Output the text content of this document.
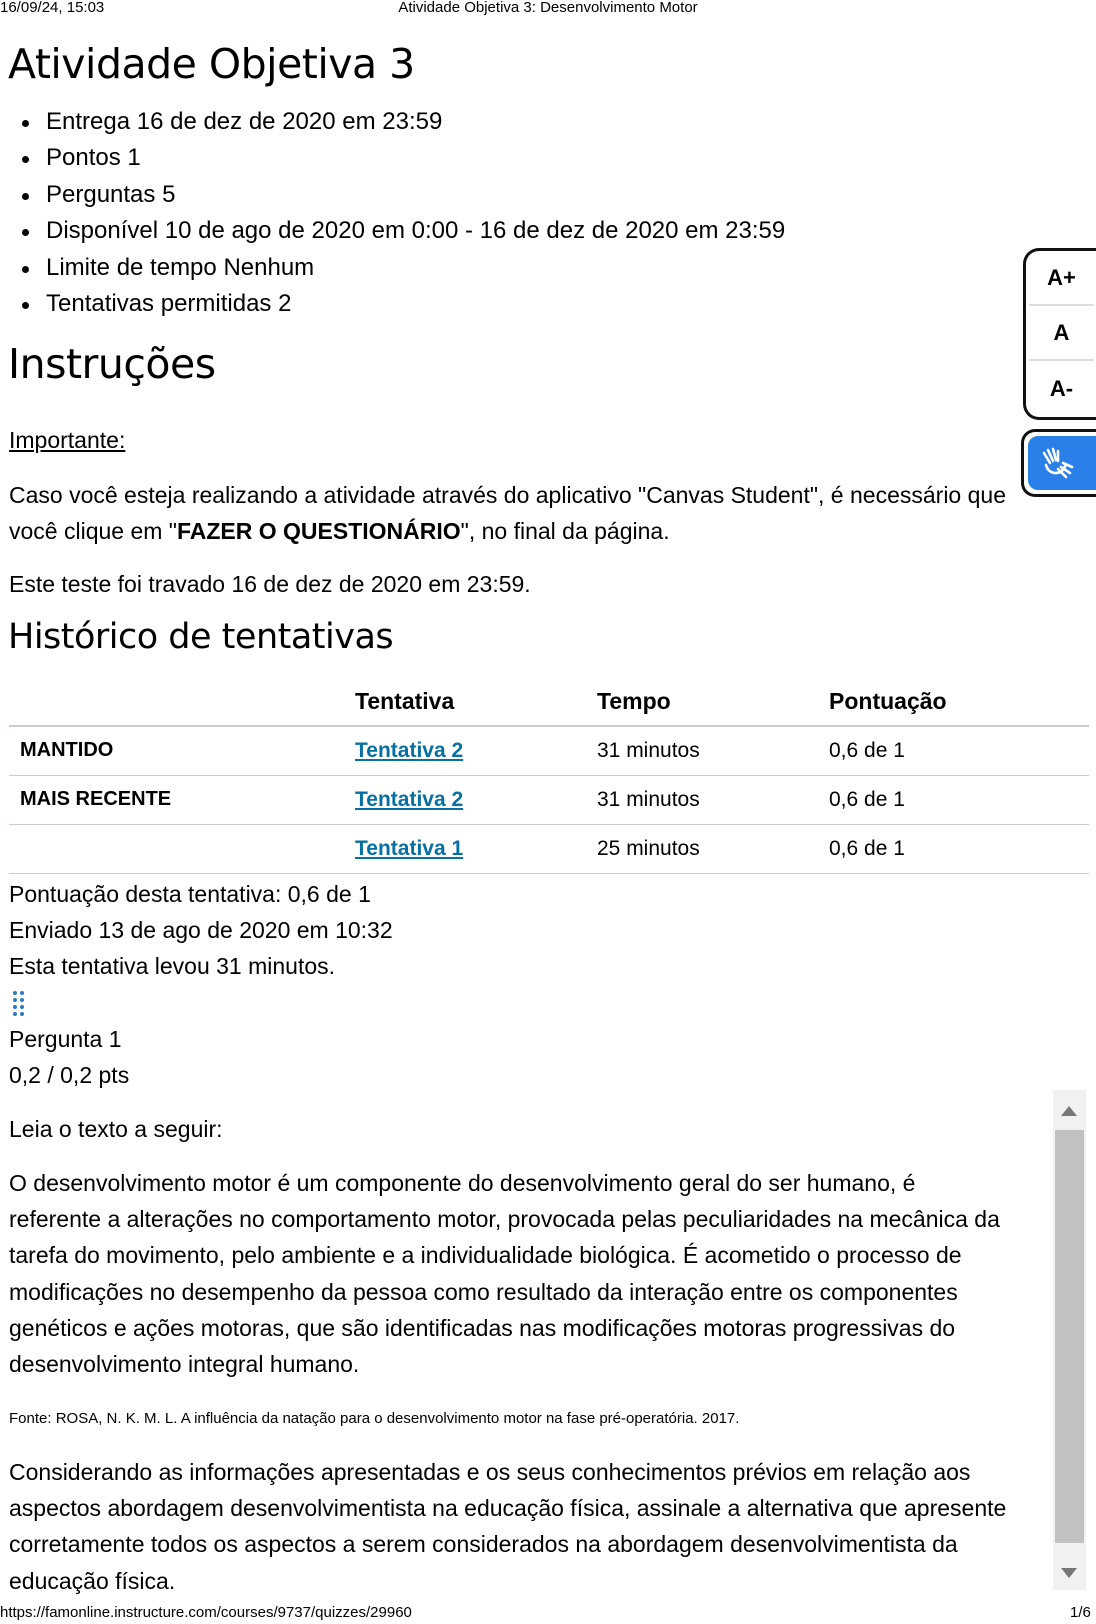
16/09/24, 15:03	Atividade Objetiva 3: Desenvolvimento Motor
Atividade Objetiva 3
Entrega 16 de dez de 2020 em 23:59
Pontos 1
Perguntas 5
Disponível 10 de ago de 2020 em 0:00 - 16 de dez de 2020 em 23:59
Limite de tempo Nenhum
Tentativas permitidas 2
Instruções
Importante:
Caso você esteja realizando a atividade através do aplicativo "Canvas Student", é necessário que você clique em "FAZER O QUESTIONÁRIO", no final da página.
Este teste foi travado 16 de dez de 2020 em 23:59.
Histórico de tentativas
	Tentativa	Tempo	Pontuação
MANTIDO	Tentativa 2	31 minutos	0,6 de 1
MAIS RECENTE	Tentativa 2	31 minutos	0,6 de 1
	Tentativa 1	25 minutos	0,6 de 1
Pontuação desta tentativa: 0,6 de 1
Enviado 13 de ago de 2020 em 10:32
Esta tentativa levou 31 minutos.
Pergunta 1
0,2 / 0,2 pts
Leia o texto a seguir:
O desenvolvimento motor é um componente do desenvolvimento geral do ser humano, é
referente a alterações no comportamento motor, provocada pelas peculiaridades na mecânica da
tarefa do movimento, pelo ambiente e a individualidade biológica. É acometido o processo de
modificações no desempenho da pessoa como resultado da interação entre os componentes
genéticos e ações motoras, que são identificadas nas modificações motoras progressivas do
desenvolvimento integral humano.
Fonte: ROSA, N. K. M. L. A influência da natação para o desenvolvimento motor na fase pré-operatória. 2017.
Considerando as informações apresentadas e os seus conhecimentos prévios em relação aos
aspectos abordagem desenvolvimentista na educação física, assinale a alternativa que apresente
corretamente todos os aspectos a serem considerados na abordagem desenvolvimentista da
educação física.
A+
A
A-
https://famonline.instructure.com/courses/9737/quizzes/29960	1/6
